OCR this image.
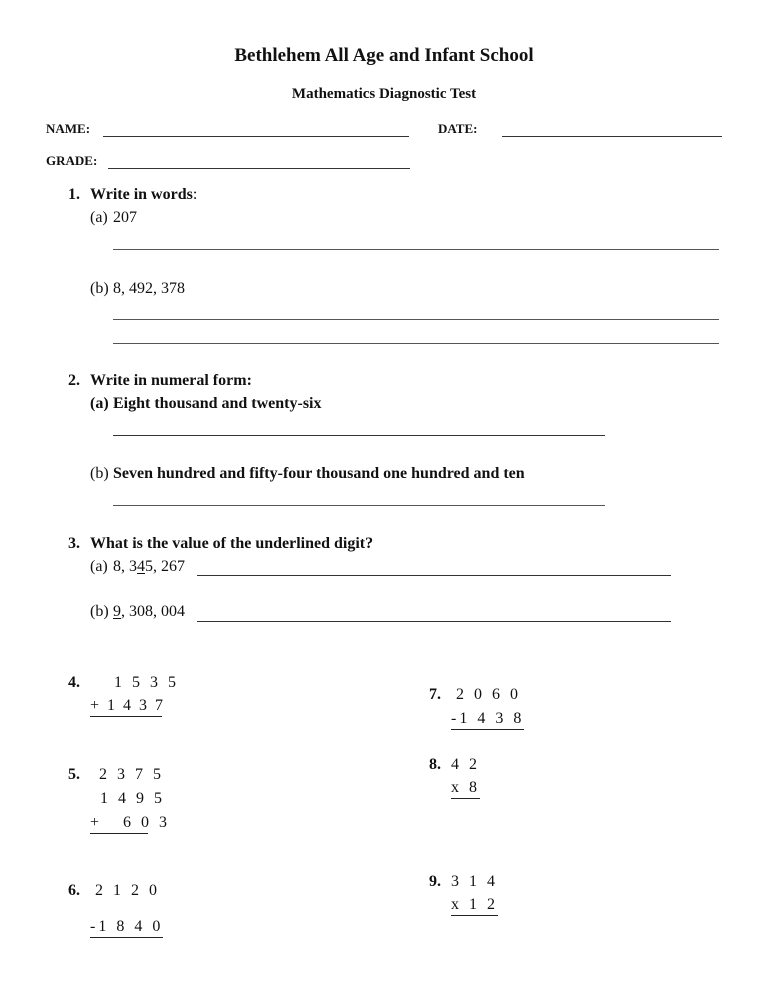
Bethlehem All Age and Infant School
Mathematics Diagnostic Test
NAME:	DATE:
GRADE:
1. Write in words:
(a) 207
(b) 8, 492, 378
2. Write in numeral form:
(a) Eight thousand and twenty-six
(b) Seven hundred and fifty-four thousand one hundred and ten
3. What is the value of the underlined digit?
(a) 8, 345, 267
(b) 9, 308, 004
4. 1 5 3 5
+ 1 4 3 7
5. 2 3 7 5
1 4 9 5
+   6 0 3
6. 2 1 2 0
-1 8 4 0
7. 2 0 6 0
-1 4 3 8
8. 4 2
x 8
9. 3 1 4
x 1 2
